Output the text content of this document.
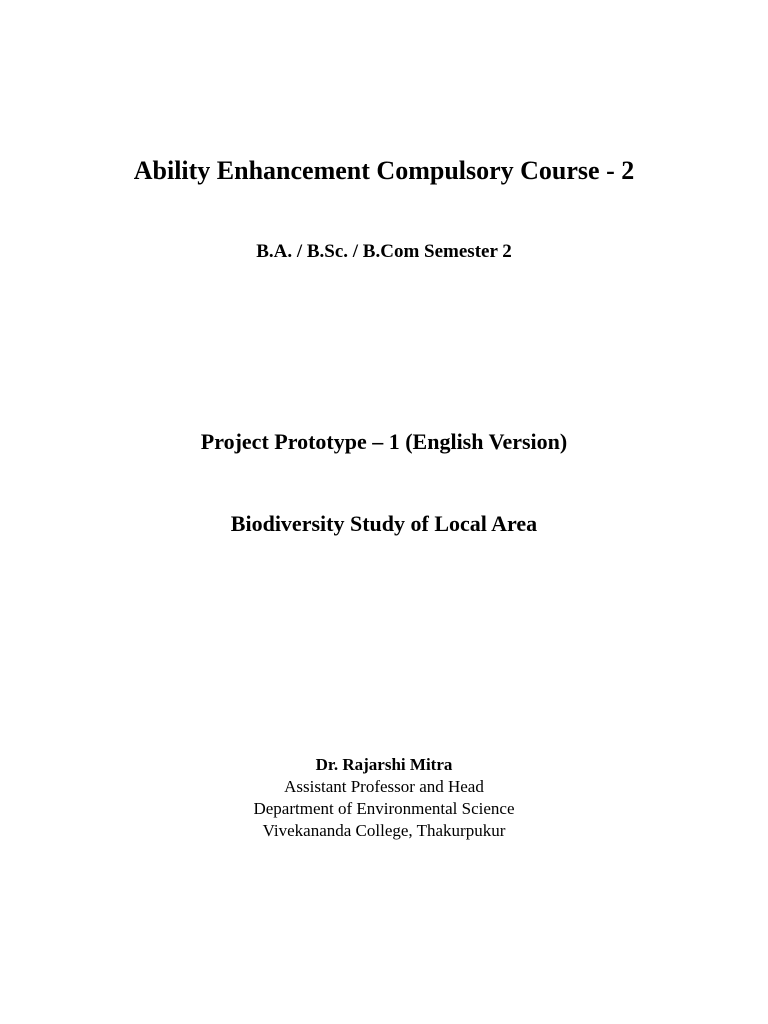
Ability Enhancement Compulsory Course - 2
B.A. / B.Sc. / B.Com Semester 2
Project Prototype – 1 (English Version)
Biodiversity Study of Local Area
Dr. Rajarshi Mitra
Assistant Professor and Head
Department of Environmental Science
Vivekananda College, Thakurpukur
